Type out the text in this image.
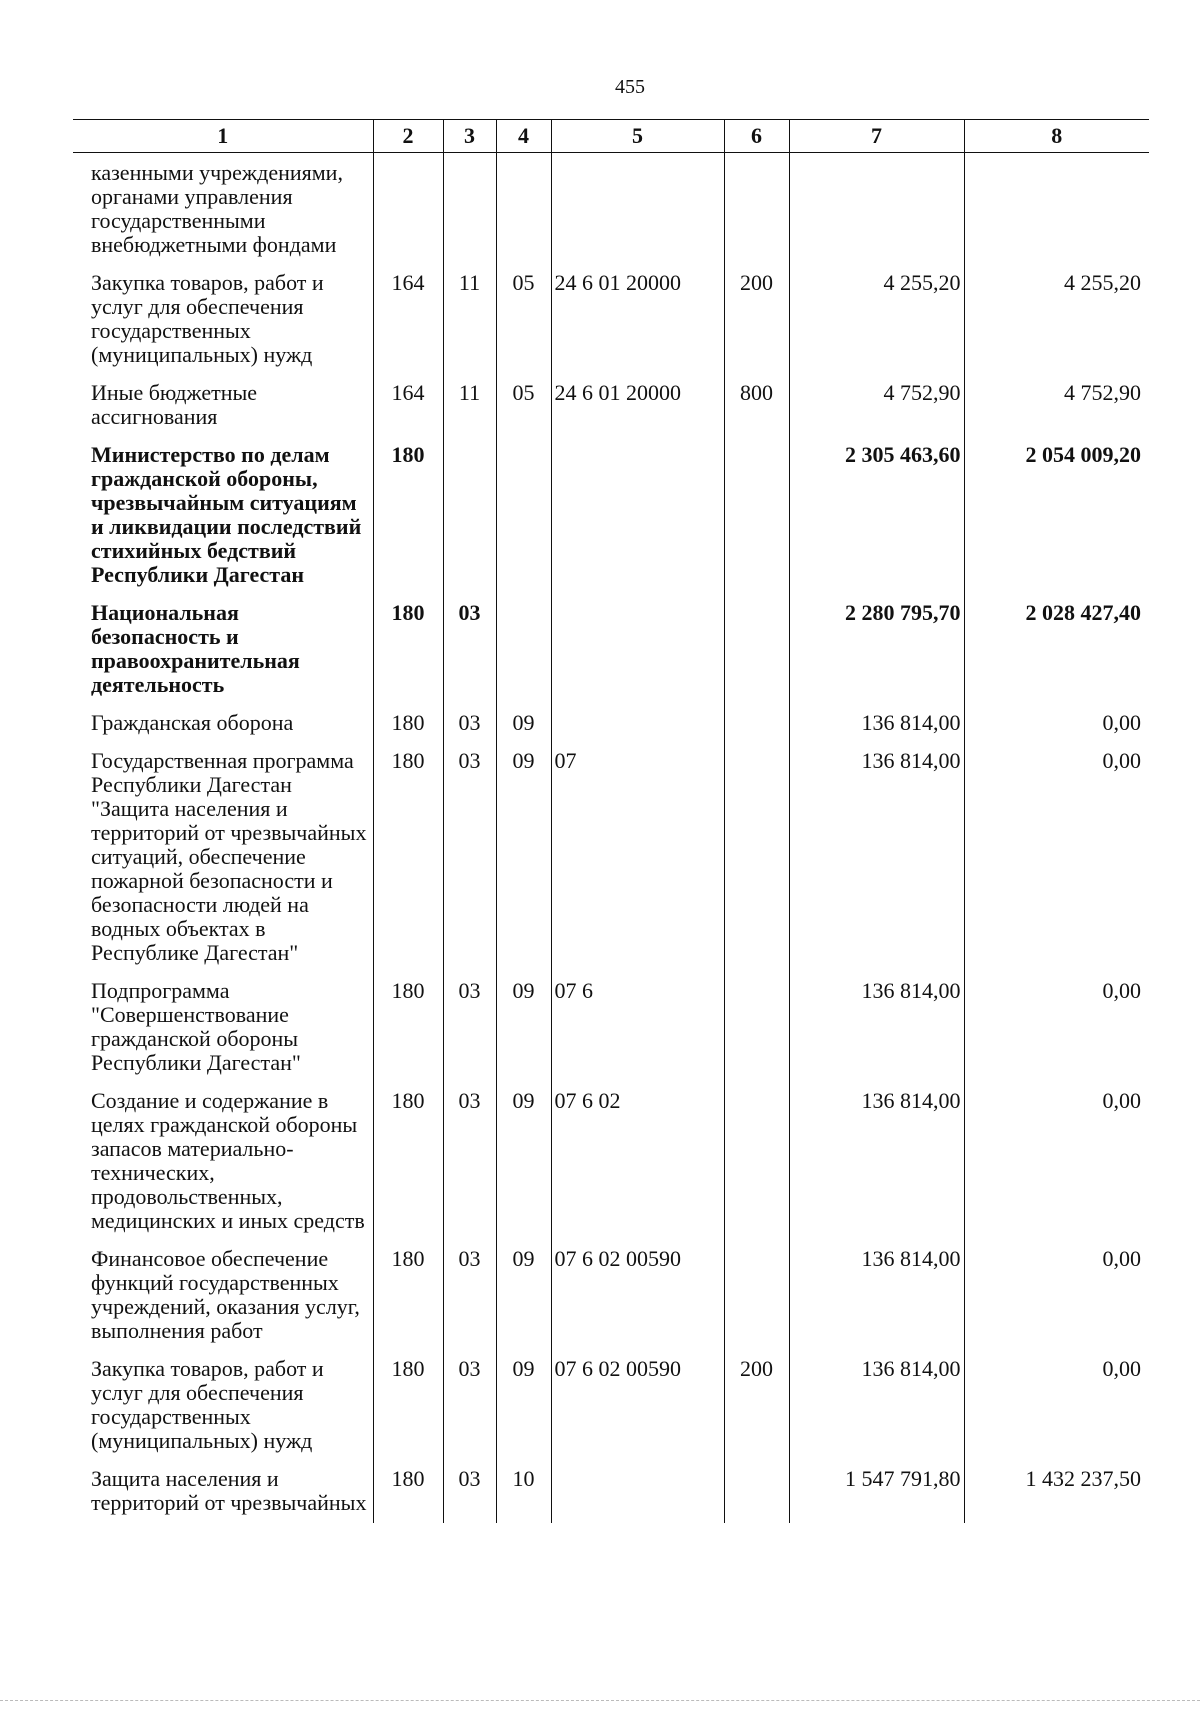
455
1	2	3	4	5	6	7	8
казенными учреждениями, органами управления государственными внебюджетными фондами							
Закупка товаров, работ и услуг для обеспечения государственных (муниципальных) нужд	164	11	05	24 6 01 20000	200	4 255,20	4 255,20
Иные бюджетные ассигнования	164	11	05	24 6 01 20000	800	4 752,90	4 752,90
Министерство по делам гражданской обороны, чрезвычайным ситуациям и ликвидации последствий стихийных бедствий Республики Дагестан	180					2 305 463,60	2 054 009,20
Национальная безопасность и правоохранительная деятельность	180	03				2 280 795,70	2 028 427,40
Гражданская оборона	180	03	09			136 814,00	0,00
Государственная программа Республики Дагестан "Защита населения и территорий от чрезвычайных ситуаций, обеспечение пожарной безопасности и безопасности людей на водных объектах в Республике Дагестан"	180	03	09	07		136 814,00	0,00
Подпрограмма "Совершенствование гражданской обороны Республики Дагестан"	180	03	09	07 6		136 814,00	0,00
Создание и содержание в целях гражданской обороны запасов материально-технических, продовольственных, медицинских и иных средств	180	03	09	07 6 02		136 814,00	0,00
Финансовое обеспечение функций государственных учреждений, оказания услуг, выполнения работ	180	03	09	07 6 02 00590		136 814,00	0,00
Закупка товаров, работ и услуг для обеспечения государственных (муниципальных) нужд	180	03	09	07 6 02 00590	200	136 814,00	0,00
Защита населения и территорий от чрезвычайных	180	03	10			1 547 791,80	1 432 237,50
